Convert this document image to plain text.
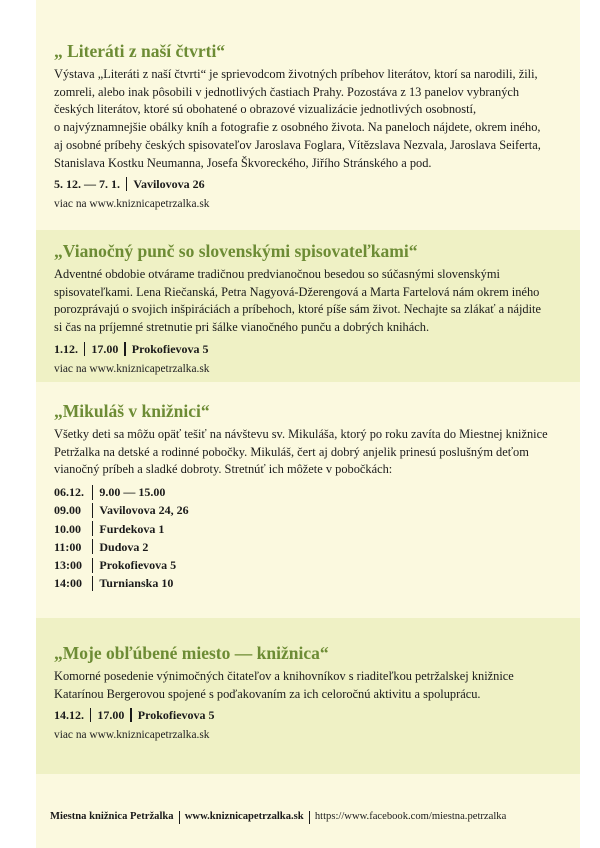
„ Literáti z naší čtvrti“
Výstava „Literáti z naší čtvrti“ je sprievodcom životných príbehov literátov, ktorí sa narodili, žili,
zomreli, alebo inak pôsobili v jednotlivých častiach Prahy. Pozostáva z 13 panelov vybraných
českých literátov, ktoré sú obohatené o obrazové vizualizácie jednotlivých osobností,
o najvýznamnejšie obálky kníh a fotografie z osobného života. Na paneloch nájdete, okrem iného,
aj osobné príbehy českých spisovateľov Jaroslava Foglara, Vítězslava Nezvala, Jaroslava Seiferta,
Stanislava Kostku Neumanna, Josefa Škvoreckého, Jiřího Stránského a pod.
5. 12. — 7. 1. Vavilovova 26
viac na www.kniznicapetrzalka.sk
„Vianočný punč so slovenskými spisovateľkami“
Adventné obdobie otvárame tradičnou predvianočnou besedou so súčasnými slovenskými
spisovateľkami. Lena Riečanská, Petra Nagyová-Džerengová a Marta Fartelová nám okrem iného
porozprávajú o svojich inšpiráciách a príbehoch, ktoré píše sám život. Nechajte sa zlákať a nájdite
si čas na príjemné stretnutie pri šálke vianočného punču a dobrých knihách.
1.12. 17.00 Prokofievova 5
viac na www.kniznicapetrzalka.sk
„Mikuláš v knižnici“
Všetky deti sa môžu opäť tešiť na návštevu sv. Mikuláša, ktorý po roku zavíta do Miestnej knižnice
Petržalka na detské a rodinné pobočky. Mikuláš, čert aj dobrý anjelik prinesú poslušným deťom
vianočný príbeh a sladké dobroty. Stretnúť ich môžete v pobočkách:
06.12.	9.00 — 15.00
09.00	Vavilovova 24, 26
10.00	Furdekova 1
11:00	Dudova 2
13:00	Prokofievova 5
14:00	Turnianska 10
„Moje obľúbené miesto — knižnica“
Komorné posedenie výnimočných čitateľov a knihovníkov s riaditeľkou petržalskej knižnice
Katarínou Bergerovou spojené s poďakovaním za ich celoročnú aktivitu a spoluprácu.
14.12. 17.00 Prokofievova 5
viac na www.kniznicapetrzalka.sk
Miestna knižnica Petržalka www.kniznicapetrzalka.sk https://www.facebook.com/miestna.petrzalka
